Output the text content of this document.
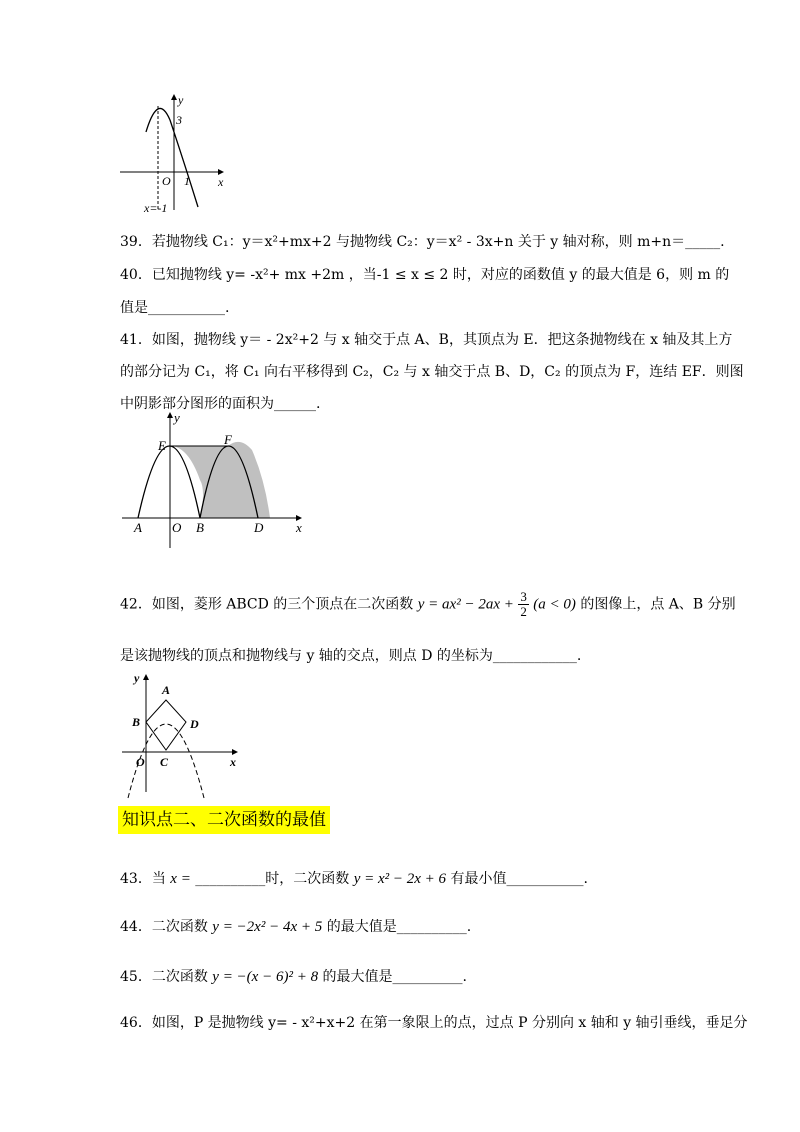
y
x
O
3
1
x=-1
39．若抛物线 C₁：y＝x²+mx+2 与抛物线 C₂：y＝x² - 3x+n 关于 y 轴对称，则 m+n＝_____.
40．已知抛物线 y= -x²+ mx +2m ，当-1 ≤ x ≤ 2 时，对应的函数值 y 的最大值是 6，则 m 的
值是___________.
41．如图，抛物线 y＝ - 2x²+2 与 x 轴交于点 A、B，其顶点为 E．把这条抛物线在 x 轴及其上方
的部分记为 C₁，将 C₁ 向右平移得到 C₂，C₂ 与 x 轴交于点 B、D，C₂ 的顶点为 F，连结 EF．则图
中阴影部分图形的面积为______.
y
x
E	F
A O B	D
42．如图，菱形 ABCD 的三个顶点在二次函数 $y = ax^2 - 2ax + \frac{3}{2} (a < 0)$ 的图像上，点 A、B 分别
是该抛物线的顶点和抛物线与 y 轴的交点，则点 D 的坐标为____________.
y
x
A
B	D
O C
知识点二、二次函数的最值
43．当 x = __________时，二次函数 y = x² − 2x + 6 有最小值___________.
44．二次函数 y = −2x² − 4x + 5 的最大值是__________.
45．二次函数 y = −(x − 6)² + 8 的最大值是__________.
46．如图，P 是抛物线 y= - x²+x+2 在第一象限上的点，过点 P 分别向 x 轴和 y 轴引垂线，垂足分
